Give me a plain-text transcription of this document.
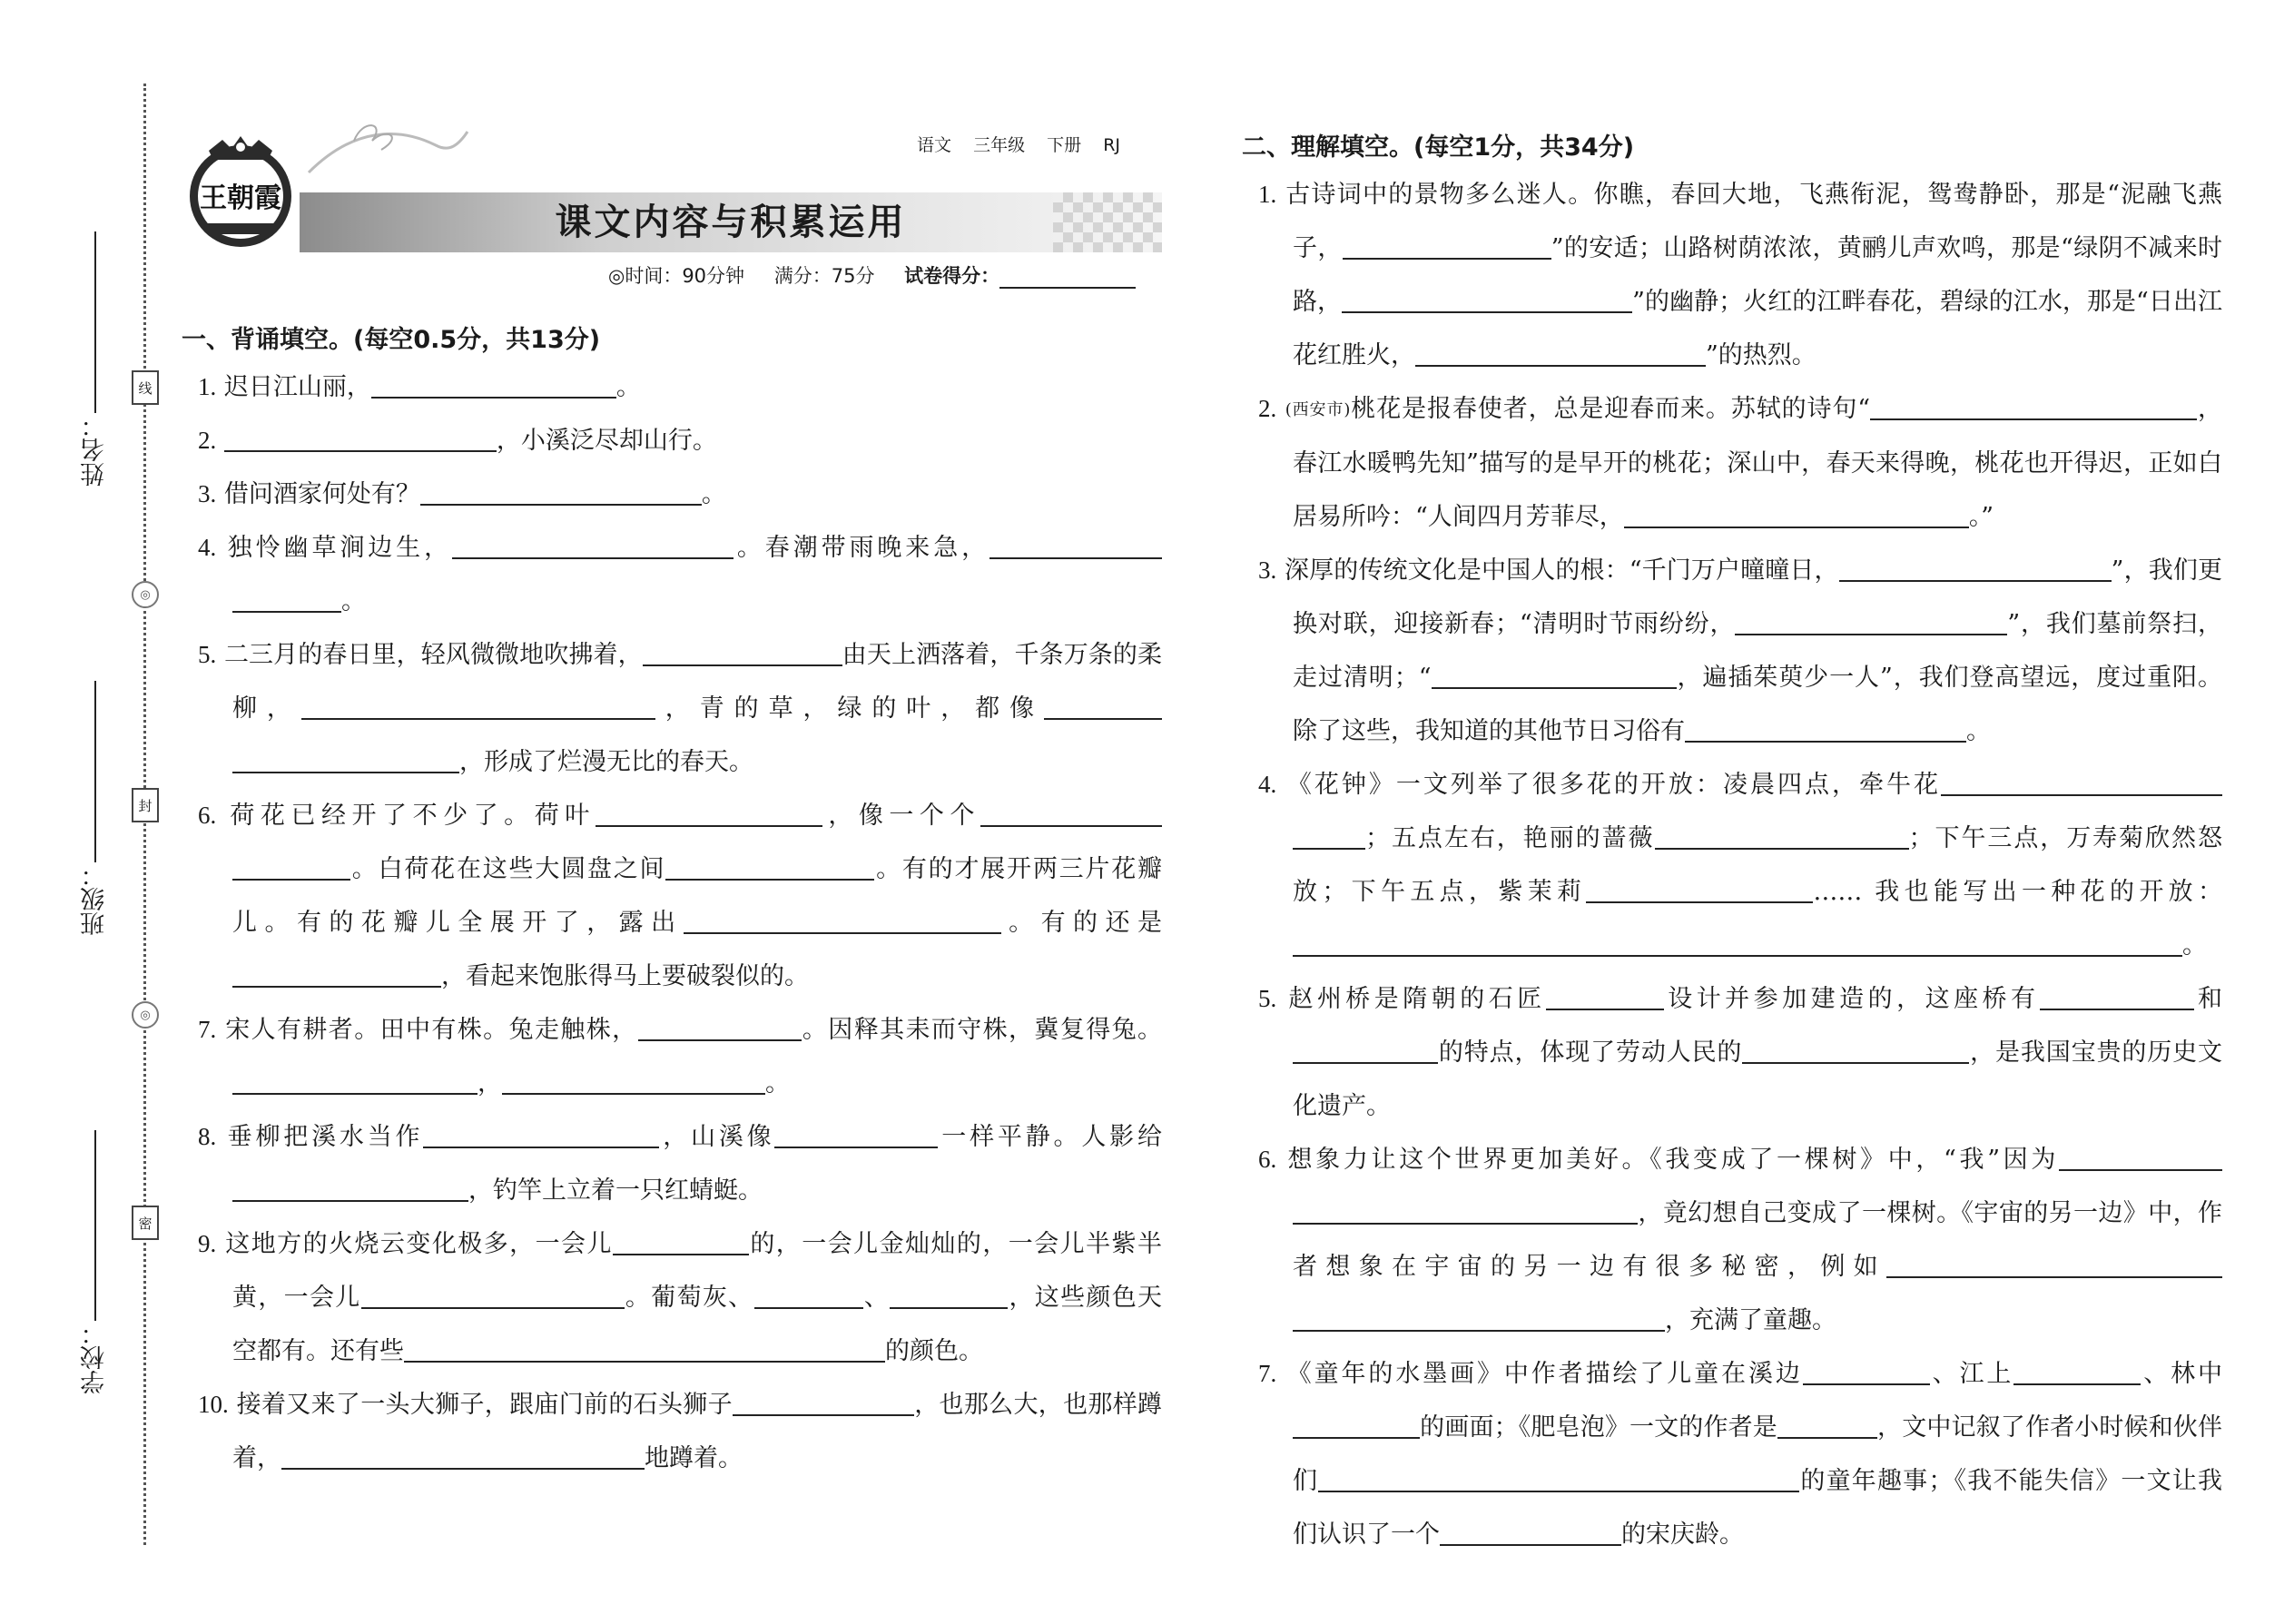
姓名：
班级：
学校：
线
◎
封
◎
密
课文内容与积累运用
王朝霞
语文 三年级 下册 RJ
◎时间：90分钟 满分：75分 试卷得分：
一、背诵填空。(每空0.5分，共13分)
1. 迟日江山丽，	。
2.	，小溪泛尽却山行。
3. 借问酒家何处有？	。
4. 独怜幽草涧边生，	。春潮带雨晚来急，。
5. 二三月的春日里，轻风微微地吹拂着，	由天上洒落着，千条万条的柔柳，	，青的草，绿的叶，都像，形成了烂漫无比的春天。
6. 荷花已经开了不少了。荷叶	，像一个个。白荷花在这些大圆盘之间	。有的才展开两三片花瓣儿。有的花瓣儿全展开了，露出	。有的还是，看起来饱胀得马上要破裂似的。
7. 宋人有耕者。田中有株。兔走触株，	。因释其耒而守株，冀复得兔。，	。
8. 垂柳把溪水当作	，山溪像	一样平静。人影给，钓竿上立着一只红蜻蜓。
9. 这地方的火烧云变化极多，一会儿	的，一会儿金灿灿的，一会儿半紫半黄，一会儿	。葡萄灰、	、	，这些颜色天空都有。还有些	的颜色。
10. 接着又来了一头大狮子，跟庙门前的石头狮子	，也那么大，也那样蹲着，	地蹲着。
二、理解填空。(每空1分，共34分)
1. 古诗词中的景物多么迷人。你瞧，春回大地，飞燕衔泥，鸳鸯静卧，那是“泥融飞燕子，	”的安适；山路树荫浓浓，黄鹂儿声欢鸣，那是“绿阴不减来时路，	”的幽静；火红的江畔春花，碧绿的江水，那是“日出江花红胜火，	”的热烈。
2. (西安市)桃花是报春使者，总是迎春而来。苏轼的诗句“	，春江水暖鸭先知”描写的是早开的桃花；深山中，春天来得晚，桃花也开得迟，正如白居易所吟：“人间四月芳菲尽，	。”
3. 深厚的传统文化是中国人的根：“千门万户曈曈日，	”，我们更换对联，迎接新春；“清明时节雨纷纷，	”，我们墓前祭扫，走过清明；“	，遍插茱萸少一人”，我们登高望远，度过重阳。除了这些，我知道的其他节日习俗有	。
4. 《花钟》一文列举了很多花的开放：凌晨四点，牵牛花；五点左右，艳丽的蔷薇	；下午三点，万寿菊欣然怒放；下午五点，紫茉莉	…… 我也能写出一种花的开放：。
5. 赵州桥是隋朝的石匠	设计并参加建造的，这座桥有	和的特点，体现了劳动人民的	，是我国宝贵的历史文化遗产。
6. 想象力让这个世界更加美好。《我变成了一棵树》中，“我”因为，竟幻想自己变成了一棵树。《宇宙的另一边》中，作者想象在宇宙的另一边有很多秘密，例如，充满了童趣。
7. 《童年的水墨画》中作者描绘了儿童在溪边	、江上	、林中的画面；《肥皂泡》一文的作者是	，文中记叙了作者小时候和伙伴们	的童年趣事；《我不能失信》一文让我们认识了一个	的宋庆龄。
